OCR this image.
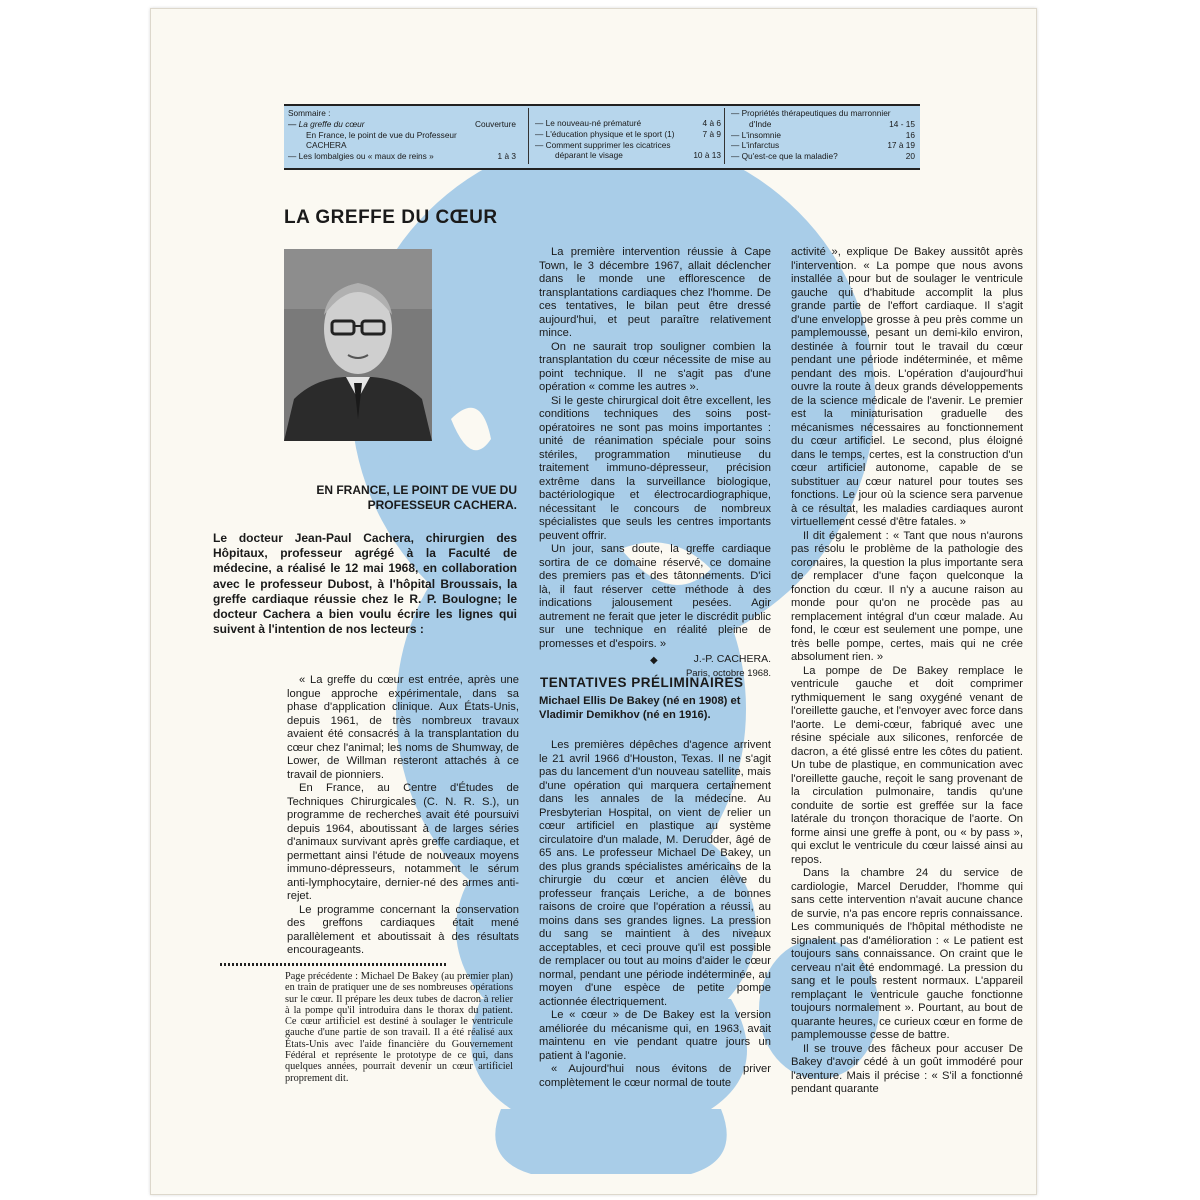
Sommaire :
— La greffe du cœur	Couverture
En France, le point de vue du Professeur
CACHERA
— Les lombalgies ou « maux de reins »	1 à 3
— Le nouveau-né prématuré	4 à 6
— L'éducation physique et le sport (1)	7 à 9
— Comment supprimer les cicatrices
déparant le visage	10 à 13
— Propriétés thérapeutiques du marronnier
d'Inde	14 - 15
— L'insomnie	16
— L'infarctus	17 à 19
— Qu'est-ce que la maladie?	20
LA GREFFE DU CŒUR
EN FRANCE, LE POINT DE VUE DU PROFESSEUR CACHERA.
Le docteur Jean-Paul Cachera, chirurgien des Hôpitaux, professeur agrégé à la Faculté de médecine, a réalisé le 12 mai 1968, en collaboration avec le professeur Dubost, à l'hôpital Broussais, la greffe cardiaque réussie chez le R. P. Boulogne; le docteur Cachera a bien voulu écrire les lignes qui suivent à l'intention de nos lecteurs :

« La greffe du cœur est entrée, après une longue approche expérimentale, dans sa phase d'application clinique. Aux États-Unis, depuis 1961, de très nombreux travaux avaient été consacrés à la transplantation du cœur chez l'animal; les noms de Shumway, de Lower, de Willman resteront attachés à ce travail de pionniers.

En France, au Centre d'Études de Techniques Chirurgicales (C. N. R. S.), un programme de recherches avait été poursuivi depuis 1964, aboutissant à de larges séries d'animaux survivant après greffe cardiaque, et permettant ainsi l'étude de nouveaux moyens immuno-dépresseurs, notamment le sérum anti-lymphocytaire, dernier-né des armes anti-rejet.

Le programme concernant la conservation des greffons cardiaques était mené parallèlement et aboutissait à des résultats encourageants.

La première intervention réussie à Cape Town, le 3 décembre 1967, allait déclencher dans le monde une efflorescence de transplantations cardiaques chez l'homme. De ces tentatives, le bilan peut être dressé aujourd'hui, et peut paraître relativement mince.

On ne saurait trop souligner combien la transplantation du cœur nécessite de mise au point technique. Il ne s'agit pas d'une opération « comme les autres ».

Si le geste chirurgical doit être excellent, les conditions techniques des soins post-opératoires ne sont pas moins importantes : unité de réanimation spéciale pour soins stériles, programmation minutieuse du traitement immuno-dépresseur, précision extrême dans la surveillance biologique, bactériologique et électrocardiographique, nécessitant le concours de nombreux spécialistes que seuls les centres importants peuvent offrir.

Un jour, sans doute, la greffe cardiaque sortira de ce domaine réservé, ce domaine des premiers pas et des tâtonnements. D'ici là, il faut réserver cette méthode à des indications jalousement pesées. Agir autrement ne ferait que jeter le discrédit public sur une technique en réalité pleine de promesses et d'espoirs. »

J.-P. CACHERA.
Paris, octobre 1968.
◆
TENTATIVES PRÉLIMINAIRES
Michael Ellis De Bakey (né en 1908) et Vladimir Demikhov (né en 1916).

Les premières dépêches d'agence arrivent le 21 avril 1966 d'Houston, Texas. Il ne s'agit pas du lancement d'un nouveau satellite, mais d'une opération qui marquera certainement dans les annales de la médecine. Au Presbyterian Hospital, on vient de relier un cœur artificiel en plastique au système circulatoire d'un malade, M. Derudder, âgé de 65 ans. Le professeur Michael De Bakey, un des plus grands spécialistes américains de la chirurgie du cœur et ancien élève du professeur français Leriche, a de bonnes raisons de croire que l'opération a réussi, au moins dans ses grandes lignes. La pression du sang se maintient à des niveaux acceptables, et ceci prouve qu'il est possible de remplacer ou tout au moins d'aider le cœur normal, pendant une période indéterminée, au moyen d'une espèce de petite pompe actionnée électriquement.

Le « cœur » de De Bakey est la version améliorée du mécanisme qui, en 1963, avait maintenu en vie pendant quatre jours un patient à l'agonie.

« Aujourd'hui nous évitons de priver complètement le cœur normal de toute

activité », explique De Bakey aussitôt après l'intervention. « La pompe que nous avons installée a pour but de soulager le ventricule gauche qui d'habitude accomplit la plus grande partie de l'effort cardiaque. Il s'agit d'une enveloppe grosse à peu près comme un pamplemousse, pesant un demi-kilo environ, destinée à fournir tout le travail du cœur pendant une période indéterminée, et même pendant des mois. L'opération d'aujourd'hui ouvre la route à deux grands développements de la science médicale de l'avenir. Le premier est la miniaturisation graduelle des mécanismes nécessaires au fonctionnement du cœur artificiel. Le second, plus éloigné dans le temps, certes, est la construction d'un cœur artificiel autonome, capable de se substituer au cœur naturel pour toutes ses fonctions. Le jour où la science sera parvenue à ce résultat, les maladies cardiaques auront virtuellement cessé d'être fatales. »

Il dit également : « Tant que nous n'aurons pas résolu le problème de la pathologie des coronaires, la question la plus importante sera de remplacer d'une façon quelconque la fonction du cœur. Il n'y a aucune raison au monde pour qu'on ne procède pas au remplacement intégral d'un cœur malade. Au fond, le cœur est seulement une pompe, une très belle pompe, certes, mais qui ne crée absolument rien. »

La pompe de De Bakey remplace le ventricule gauche et doit comprimer rythmiquement le sang oxygéné venant de l'oreillette gauche, et l'envoyer avec force dans l'aorte. Le demi-cœur, fabriqué avec une résine spéciale aux silicones, renforcée de dacron, a été glissé entre les côtes du patient. Un tube de plastique, en communication avec l'oreillette gauche, reçoit le sang provenant de la circulation pulmonaire, tandis qu'une conduite de sortie est greffée sur la face latérale du tronçon thoracique de l'aorte. On forme ainsi une greffe à pont, ou « by pass », qui exclut le ventricule du cœur laissé ainsi au repos.

Dans la chambre 24 du service de cardiologie, Marcel Derudder, l'homme qui sans cette intervention n'avait aucune chance de survie, n'a pas encore repris connaissance. Les communiqués de l'hôpital méthodiste ne signalent pas d'amélioration : « Le patient est toujours sans connaissance. On craint que le cerveau n'ait été endommagé. La pression du sang et le pouls restent normaux. L'appareil remplaçant le ventricule gauche fonctionne toujours normalement ». Pourtant, au bout de quarante heures, ce curieux cœur en forme de pamplemousse cesse de battre.

Il se trouve des fâcheux pour accuser De Bakey d'avoir cédé à un goût immodéré pour l'aventure. Mais il précise : « S'il a fonctionné pendant quarante

Page précédente : Michael De Bakey (au premier plan) en train de pratiquer une de ses nombreuses opérations sur le cœur. Il prépare les deux tubes de dacron à relier à la pompe qu'il introduira dans le thorax du patient. Ce cœur artificiel est destiné à soulager le ventricule gauche d'une partie de son travail. Il a été réalisé aux États-Unis avec l'aide financière du Gouvernement Fédéral et représente le prototype de ce qui, dans quelques années, pourrait devenir un cœur artificiel proprement dit.
